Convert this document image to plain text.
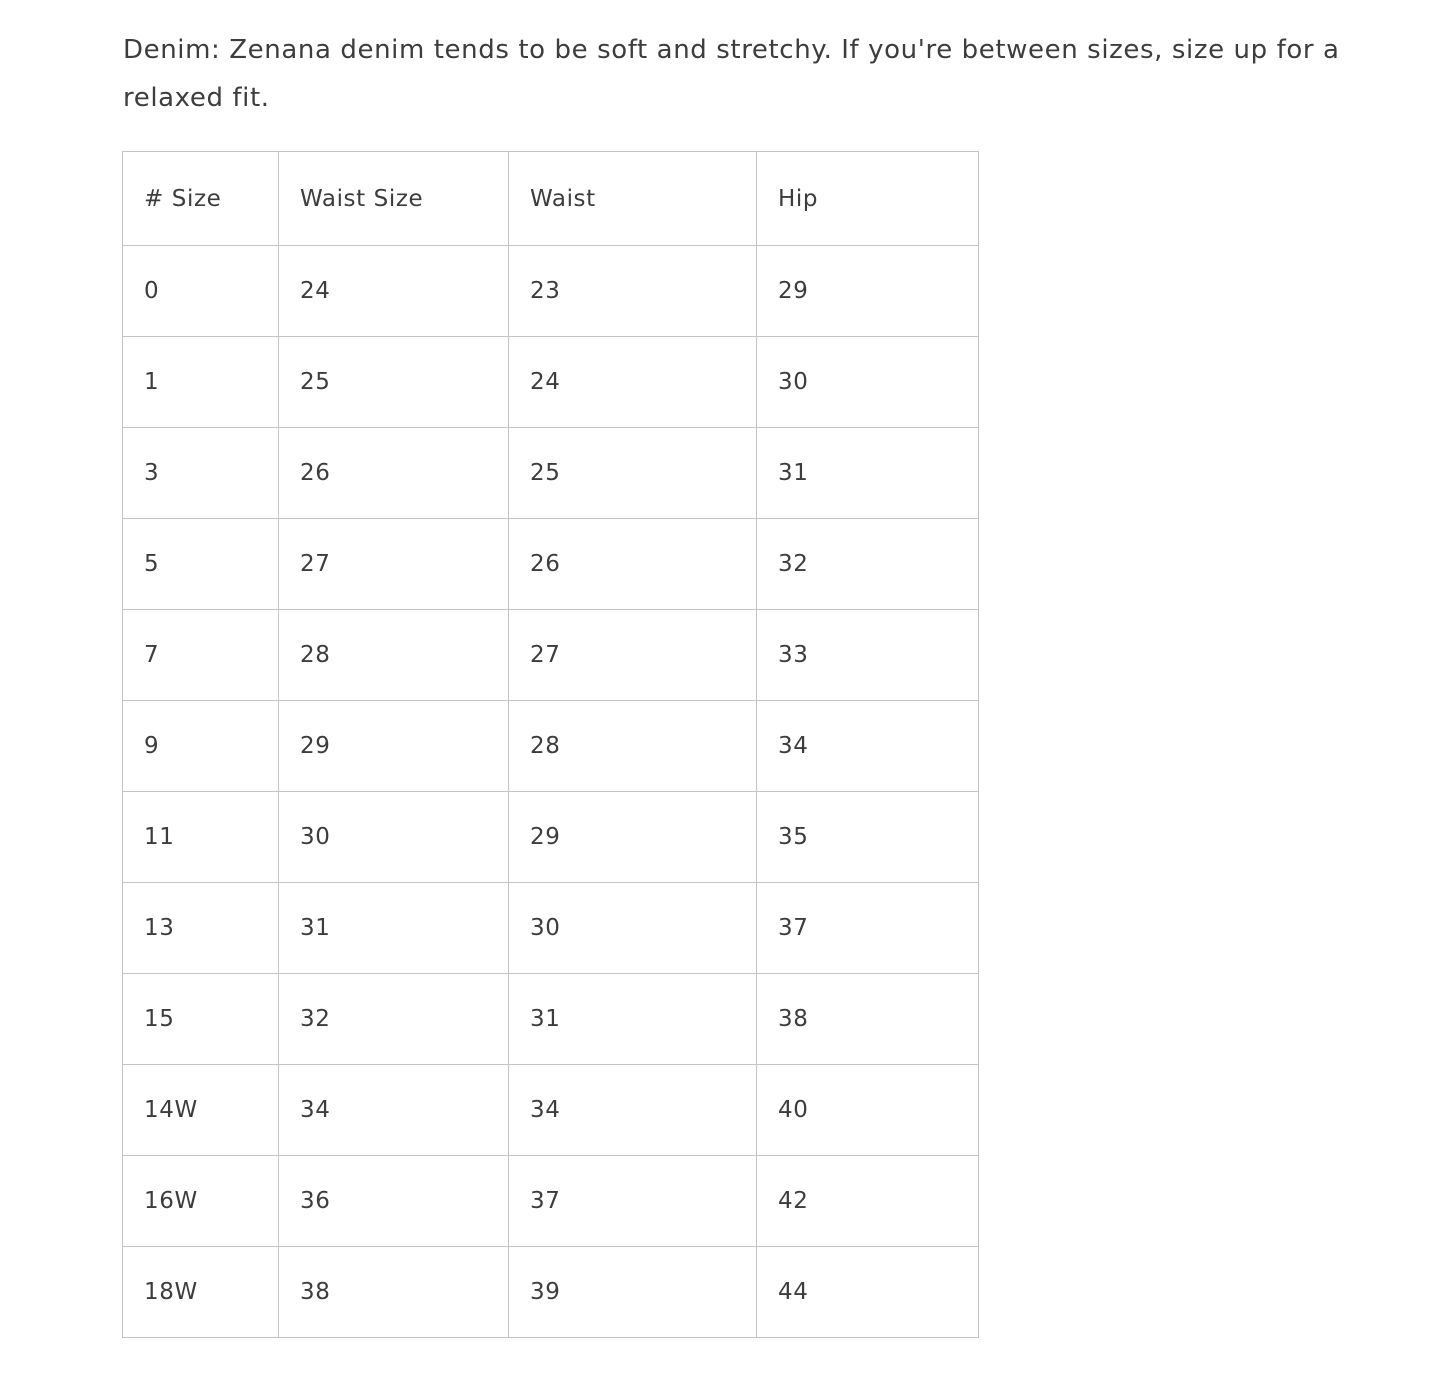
Denim: Zenana denim tends to be soft and stretchy. If you're between sizes, size up for a relaxed fit.

# Size	Waist Size	Waist	Hip
0	24	23	29
1	25	24	30
3	26	25	31
5	27	26	32
7	28	27	33
9	29	28	34
11	30	29	35
13	31	30	37
15	32	31	38
14W	34	34	40
16W	36	37	42
18W	38	39	44
